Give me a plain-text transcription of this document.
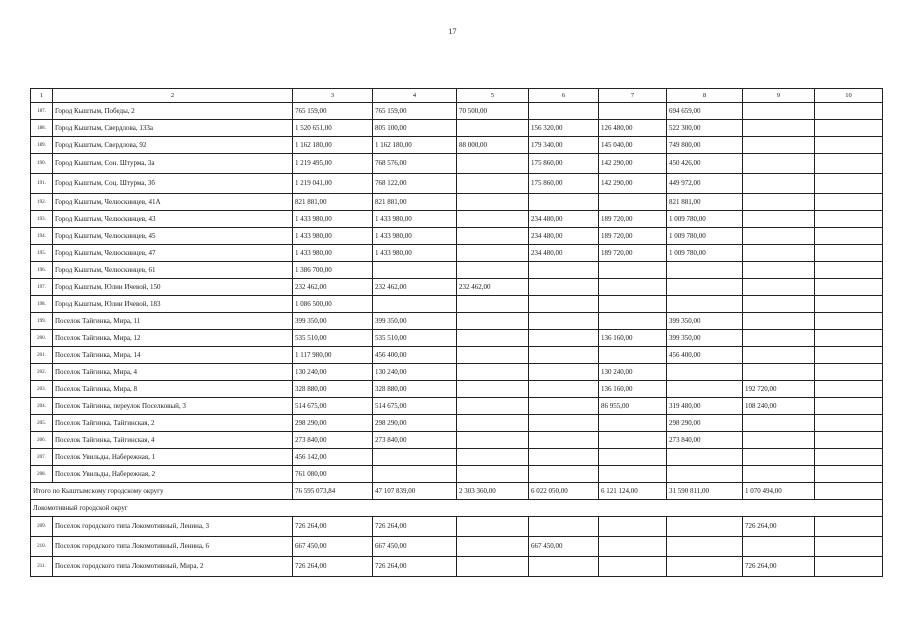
17
1	2	3	4	5	6	7	8	9	10
187.	Город Кыштым, Победы, 2	765 159,00	765 159,00	70 500,00			694 659,00		
188.	Город Кыштым, Свердлова, 133а	1 520 651,00	805 100,00		156 320,00	126 480,00	522 300,00		
189.	Город Кыштым, Свердлова, 92	1 162 180,00	1 162 180,00	88 000,00	179 340,00	145 040,00	749 800,00		
190.	Город Кыштым, Сон. Штурма, 3а	1 219 495,00	768 576,00		175 860,00	142 290,00	450 426,00		
191.	Город Кыштым, Соц. Штурма, 3б	1 219 041,00	768 122,00		175 860,00	142 290,00	449 972,00		
192.	Город Кыштым, Челюскинцев, 41А	821 881,00	821 881,00				821 881,00		
193.	Город Кыштым, Челюскинцев, 43	1 433 980,00	1 433 980,00		234 480,00	189 720,00	1 009 780,00		
194.	Город Кыштым, Челюскинцев, 45	1 433 980,00	1 433 980,00		234 480,00	189 720,00	1 009 780,00		
195.	Город Кыштым, Челюскинцев, 47	1 433 980,00	1 433 980,00		234 480,00	189 720,00	1 009 780,00		
196.	Город Кыштым, Челюскинцев, 61	1 386 700,00							
197.	Город Кыштым, Юлии Ичевой, 150	232 462,00	232 462,00	232 462,00					
198.	Город Кыштым, Юлии Ичевой, 183	1 086 500,00							
199.	Поселок Тайгинка, Мира, 11	399 350,00	399 350,00				399 350,00		
200.	Поселок Тайгинка, Мира, 12	535 510,00	535 510,00			136 160,00	399 350,00		
201.	Поселок Тайгинка, Мира, 14	1 117 980,00	456 400,00				456 400,00		
202.	Поселок Тайгинка, Мира, 4	130 240,00	130 240,00			130 240,00			
203.	Поселок Тайгинка, Мира, 8	328 880,00	328 880,00			136 160,00		192 720,00	
204.	Поселок Тайгинка, переулок Поселковый, 3	514 675,00	514 675,00			86 955,00	319 480,00	108 240,00	
205.	Поселок Тайгинка, Тайгинская, 2	298 290,00	298 290,00				298 290,00		
206.	Поселок Тайгинка, Тайгинская, 4	273 840,00	273 840,00				273 840,00		
207.	Поселок Увильды, Набережная, 1	456 142,00							
208.	Поселок Увильды, Набережная, 2	761 080,00							
Итого по Кыштымскому городскому округу		76 595 073,84	47 107 839,00	2 303 360,00	6 022 050,00	6 121 124,00	31 590 811,00	1 070 494,00	
Локомотивный городской округ									
209.	Поселок городского типа Локомотивный, Ленина, 3	726 264,00	726 264,00					726 264,00	
210.	Поселок городского типа Локомотивный, Ленина, 6	667 450,00	667 450,00		667 450,00				
211.	Поселок городского типа Локомотивный, Мира, 2	726 264,00	726 264,00					726 264,00	
